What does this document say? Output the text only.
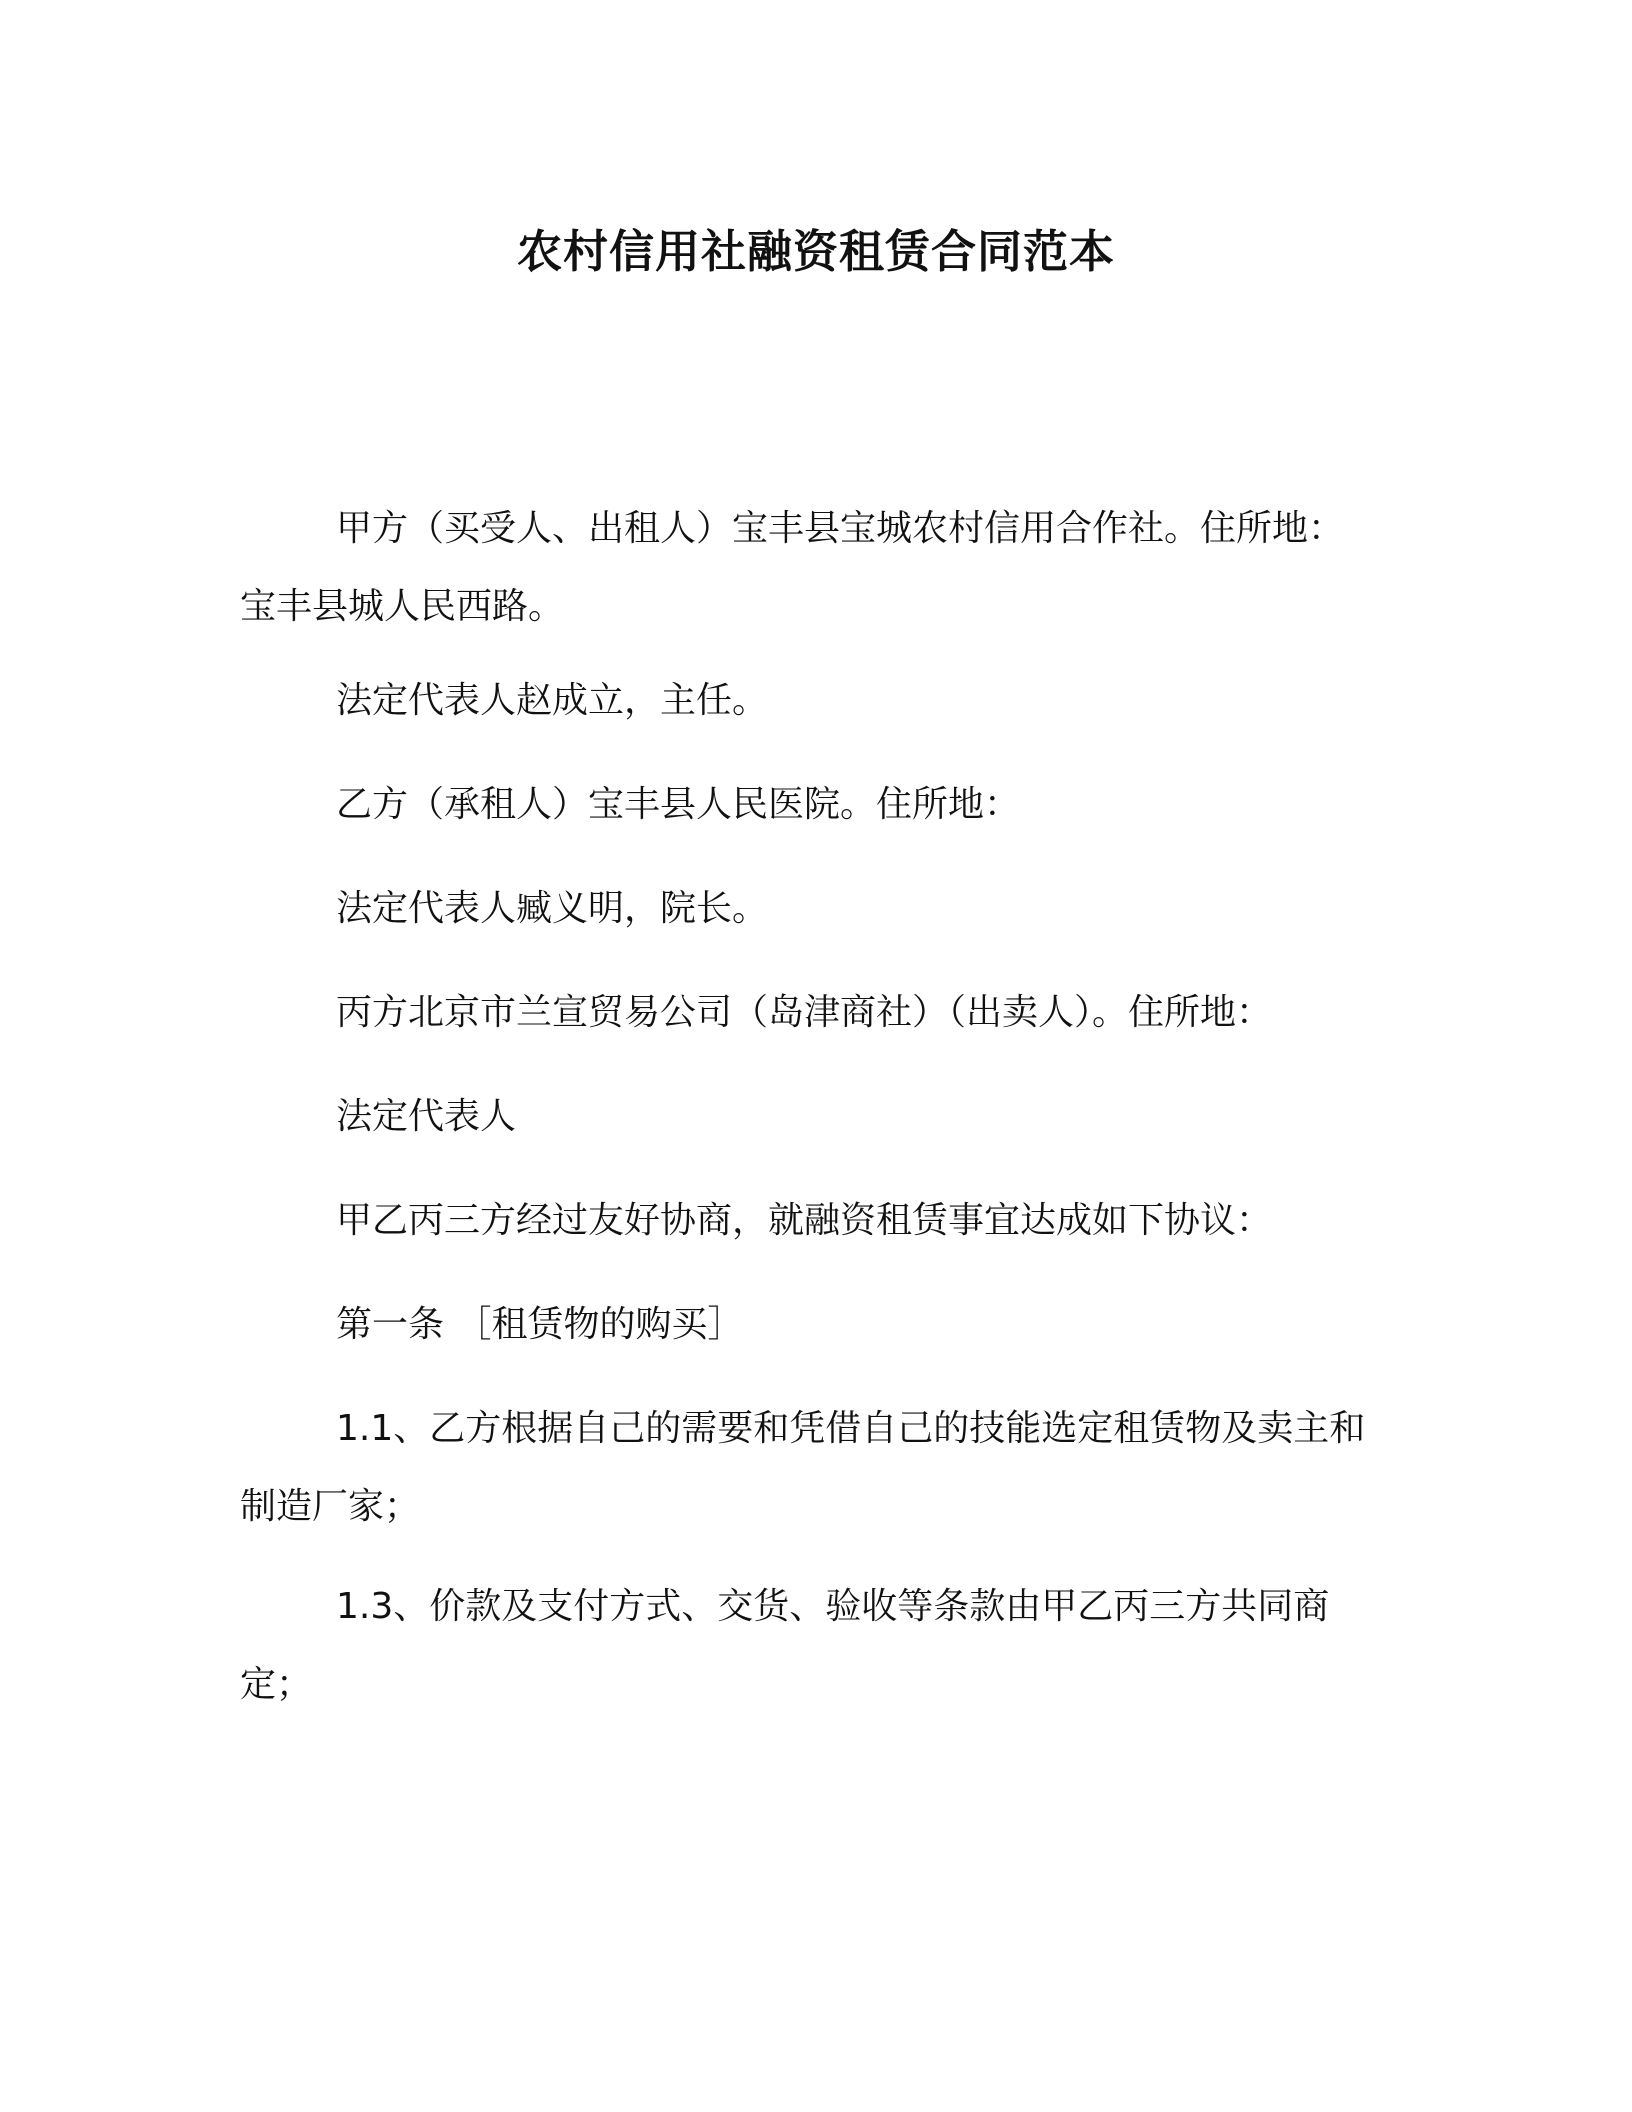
农村信用社融资租赁合同范本
甲方（买受人、出租人）宝丰县宝城农村信用合作社。住所地：宝丰县城人民西路。
法定代表人赵成立，主任。
乙方（承租人）宝丰县人民医院。住所地：
法定代表人臧义明，院长。
丙方北京市兰宣贸易公司（岛津商社）（出卖人）。住所地：
法定代表人
甲乙丙三方经过友好协商，就融资租赁事宜达成如下协议：
第一条 ［租赁物的购买］
1.1、乙方根据自己的需要和凭借自己的技能选定租赁物及卖主和制造厂家；
1.3、价款及支付方式、交货、验收等条款由甲乙丙三方共同商定；
